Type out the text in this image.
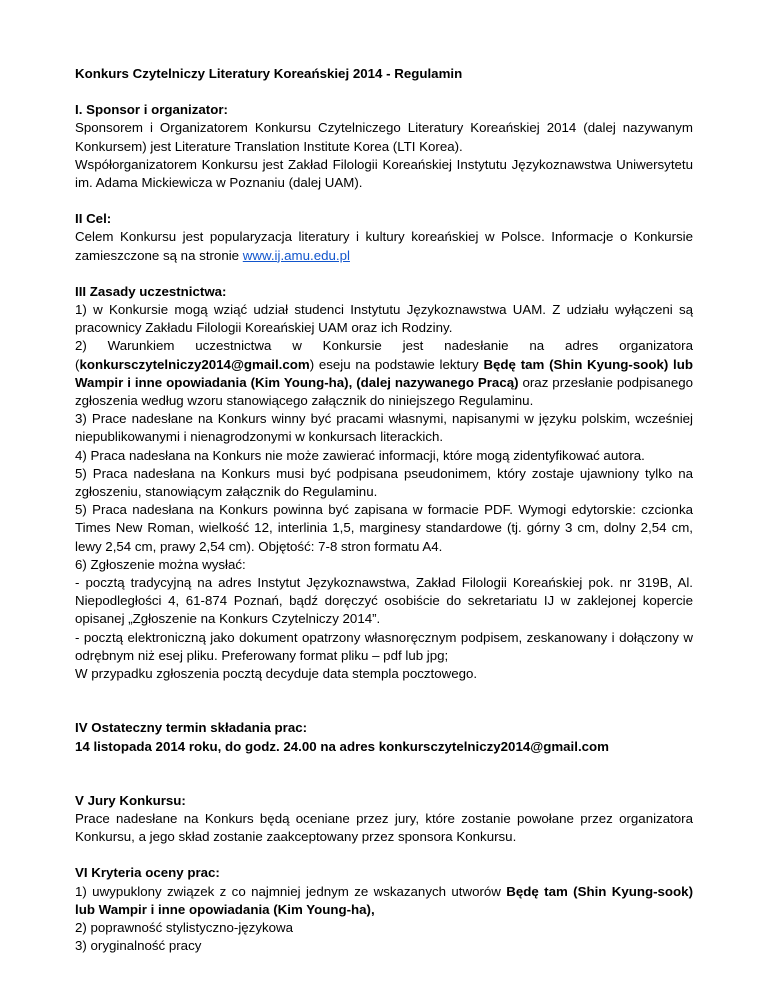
Konkurs Czytelniczy Literatury Koreańskiej 2014 - Regulamin
I. Sponsor i organizator:

Sponsorem i Organizatorem Konkursu Czytelniczego Literatury Koreańskiej 2014 (dalej nazywanym Konkursem) jest Literature Translation Institute Korea (LTI Korea).

Współorganizatorem Konkursu jest Zakład Filologii Koreańskiej Instytutu Językoznawstwa Uniwersytetu im. Adama Mickiewicza w Poznaniu (dalej UAM).

II Cel:

Celem Konkursu jest popularyzacja literatury i kultury koreańskiej w Polsce. Informacje o Konkursie zamieszczone są na stronie www.ij.amu.edu.pl

III Zasady uczestnictwa:

1) w Konkursie mogą wziąć udział studenci Instytutu Językoznawstwa UAM. Z udziału wyłączeni są pracownicy Zakładu Filologii Koreańskiej UAM oraz ich Rodziny.

2) Warunkiem uczestnictwa w Konkursie jest nadesłanie na adres organizatora (konkursczytelniczy2014@gmail.com) eseju na podstawie lektury Będę tam (Shin Kyung-sook) lub Wampir i inne opowiadania (Kim Young-ha), (dalej nazywanego Pracą) oraz przesłanie podpisanego zgłoszenia według wzoru stanowiącego załącznik do niniejszego Regulaminu.

3) Prace nadesłane na Konkurs winny być pracami własnymi, napisanymi w języku polskim, wcześniej niepublikowanymi i nienagrodzonymi w konkursach literackich.

4) Praca nadesłana na Konkurs nie może zawierać informacji, które mogą zidentyfikować autora.

5) Praca nadesłana na Konkurs musi być podpisana pseudonimem, który zostaje ujawniony tylko na zgłoszeniu, stanowiącym załącznik do Regulaminu.

5) Praca nadesłana na Konkurs powinna być zapisana w formacie PDF. Wymogi edytorskie: czcionka Times New Roman, wielkość 12, interlinia 1,5, marginesy standardowe (tj. górny 3 cm, dolny 2,54 cm, lewy 2,54 cm, prawy 2,54 cm). Objętość: 7-8 stron formatu A4.

6) Zgłoszenie można wysłać:

- pocztą tradycyjną na adres Instytut Językoznawstwa, Zakład Filologii Koreańskiej pok. nr 319B, Al. Niepodległości 4, 61-874 Poznań, bądź doręczyć osobiście do sekretariatu IJ w zaklejonej kopercie opisanej „Zgłoszenie na Konkurs Czytelniczy 2014”.

- pocztą elektroniczną jako dokument opatrzony własnoręcznym podpisem, zeskanowany i dołączony w odrębnym niż esej pliku. Preferowany format pliku – pdf lub jpg;

W przypadku zgłoszenia pocztą decyduje data stempla pocztowego.

IV Ostateczny termin składania prac:

14 listopada 2014 roku, do godz. 24.00 na adres konkursczytelniczy2014@gmail.com

V Jury Konkursu:

Prace nadesłane na Konkurs będą oceniane przez jury, które zostanie powołane przez organizatora Konkursu, a jego skład zostanie zaakceptowany przez sponsora Konkursu.

VI Kryteria oceny prac:

1) uwypuklony związek z co najmniej jednym ze wskazanych utworów Będę tam (Shin Kyung-sook) lub Wampir i inne opowiadania (Kim Young-ha),

2) poprawność stylistyczno-językowa

3) oryginalność pracy
